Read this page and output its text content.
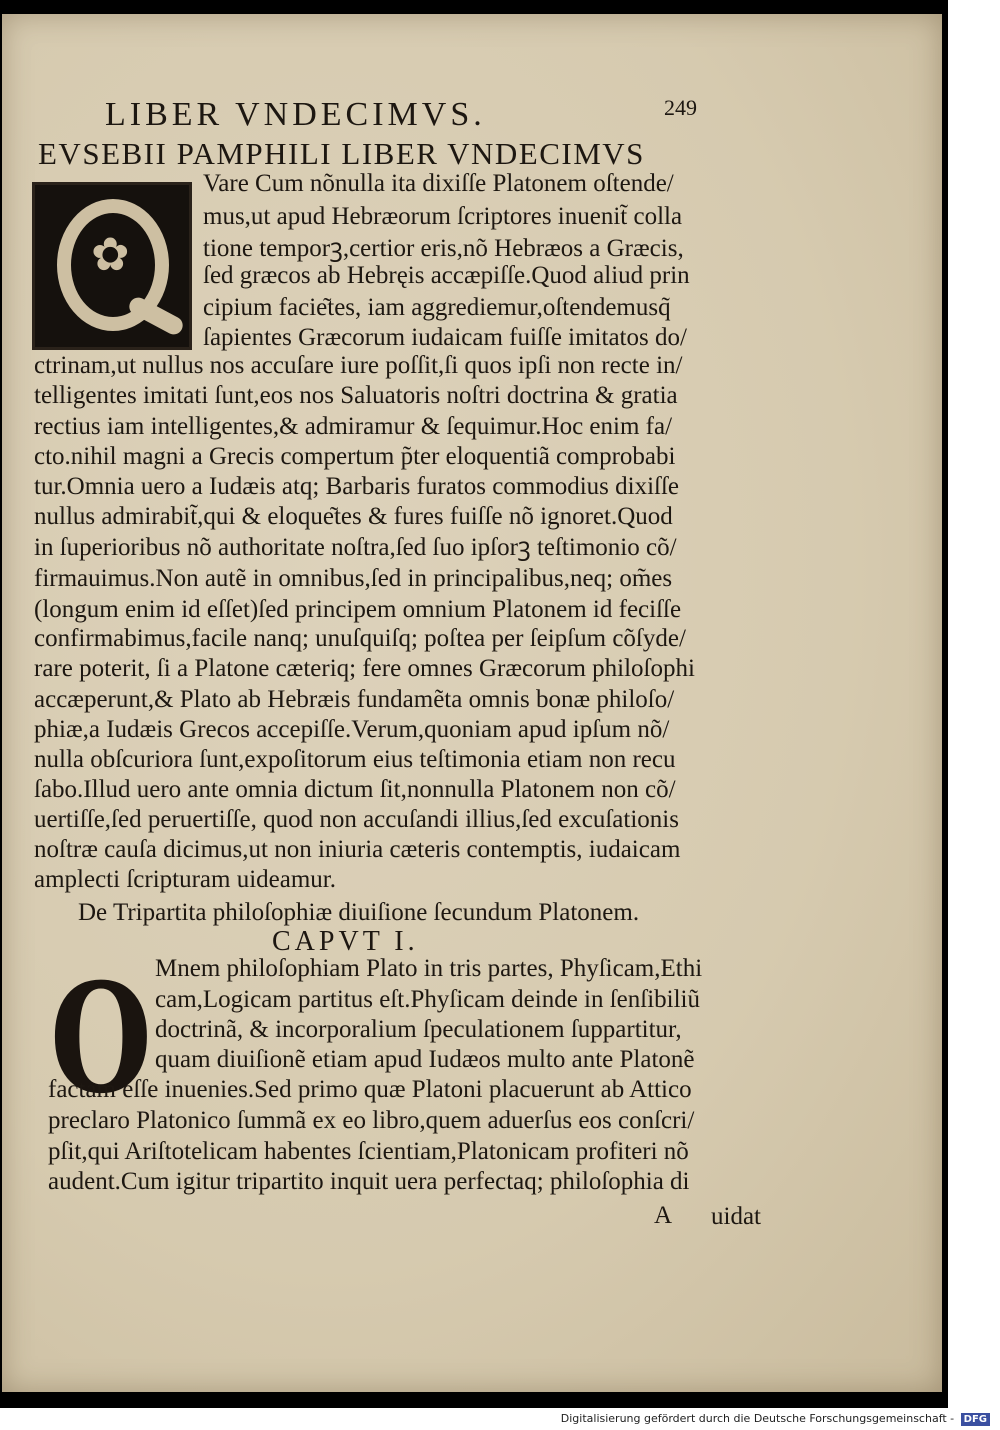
LIBER VNDECIMVS.	249
EVSEBII PAMPHILI LIBER VNDECIMVS
✿
Vare Cum nõnulla ita dixiſſe Platonem oſtende/
mus,ut apud Hebræorum ſcriptores inuenit̃ colla
tione temporꝫ,certior eris,nõ Hebræos a Græcis,
ſed græcos ab Hebręis accæpiſſe.Quod aliud prin
cipium facie͂tes, iam aggrediemur,oſtendemusq̃
ſapientes Græcorum iudaicam fuiſſe imitatos do/
ctrinam,ut nullus nos accuſare iure poſſit,ſi quos ipſi non recte in/
telligentes imitati ſunt,eos nos Saluatoris noſtri doctrina & gratia
rectius iam intelligentes,& admiramur & ſequimur.Hoc enim fa/
cto.nihil magni a Grecis compertum p̃ter eloquentiã comprobabi
tur.Omnia uero a Iudæis atq; Barbaris furatos commodius dixiſſe
nullus admirabit̃,qui & eloque͂tes & fures fuiſſe nõ ignoret.Quod
in ſuperioribus nõ authoritate noſtra,ſed ſuo ipſorꝫ teſtimonio cõ/
firmauimus.Non autẽ in omnibus,ſed in principalibus,neq; om̃es
(longum enim id eſſet)ſed principem omnium Platonem id feciſſe
confirmabimus,facile nanq; unuſquiſq; poſtea per ſeipſum cõſyde/
rare poterit, ſi a Platone cæteriq; fere omnes Græcorum philoſophi
accæperunt,& Plato ab Hebræis fundamẽta omnis bonæ philoſo/
phiæ,a Iudæis Grecos accepiſſe.Verum,quoniam apud ipſum nõ/
nulla obſcuriora ſunt,expoſitorum eius teſtimonia etiam non recu
ſabo.Illud uero ante omnia dictum ſit,nonnulla Platonem non cõ/
uertiſſe,ſed peruertiſſe, quod non accuſandi illius,ſed excuſationis
noſtræ cauſa dicimus,ut non iniuria cæteris contemptis, iudaicam
amplecti ſcripturam uideamur.
De Tripartita philoſophiæ diuiſione ſecundum Platonem.
CAPVT I.
O Mnem philoſophiam Plato in tris partes, Phyſicam,Ethi
cam,Logicam partitus eſt.Phyſicam deinde in ſenſibiliũ
doctrinã, & incorporalium ſpeculationem ſuppartitur,
quam diuiſionẽ etiam apud Iudæos multo ante Platonẽ
factam eſſe inuenies.Sed primo quæ Platoni placuerunt ab Attico
preclaro Platonico ſummã ex eo libro,quem aduerſus eos conſcri/
pſit,qui Ariſtotelicam habentes ſcientiam,Platonicam profiteri nõ
audent.Cum igitur tripartito inquit uera perfectaq; philoſophia di
A uidat
Digitalisierung gefördert durch die Deutsche Forschungsgemeinschaft - DFG
